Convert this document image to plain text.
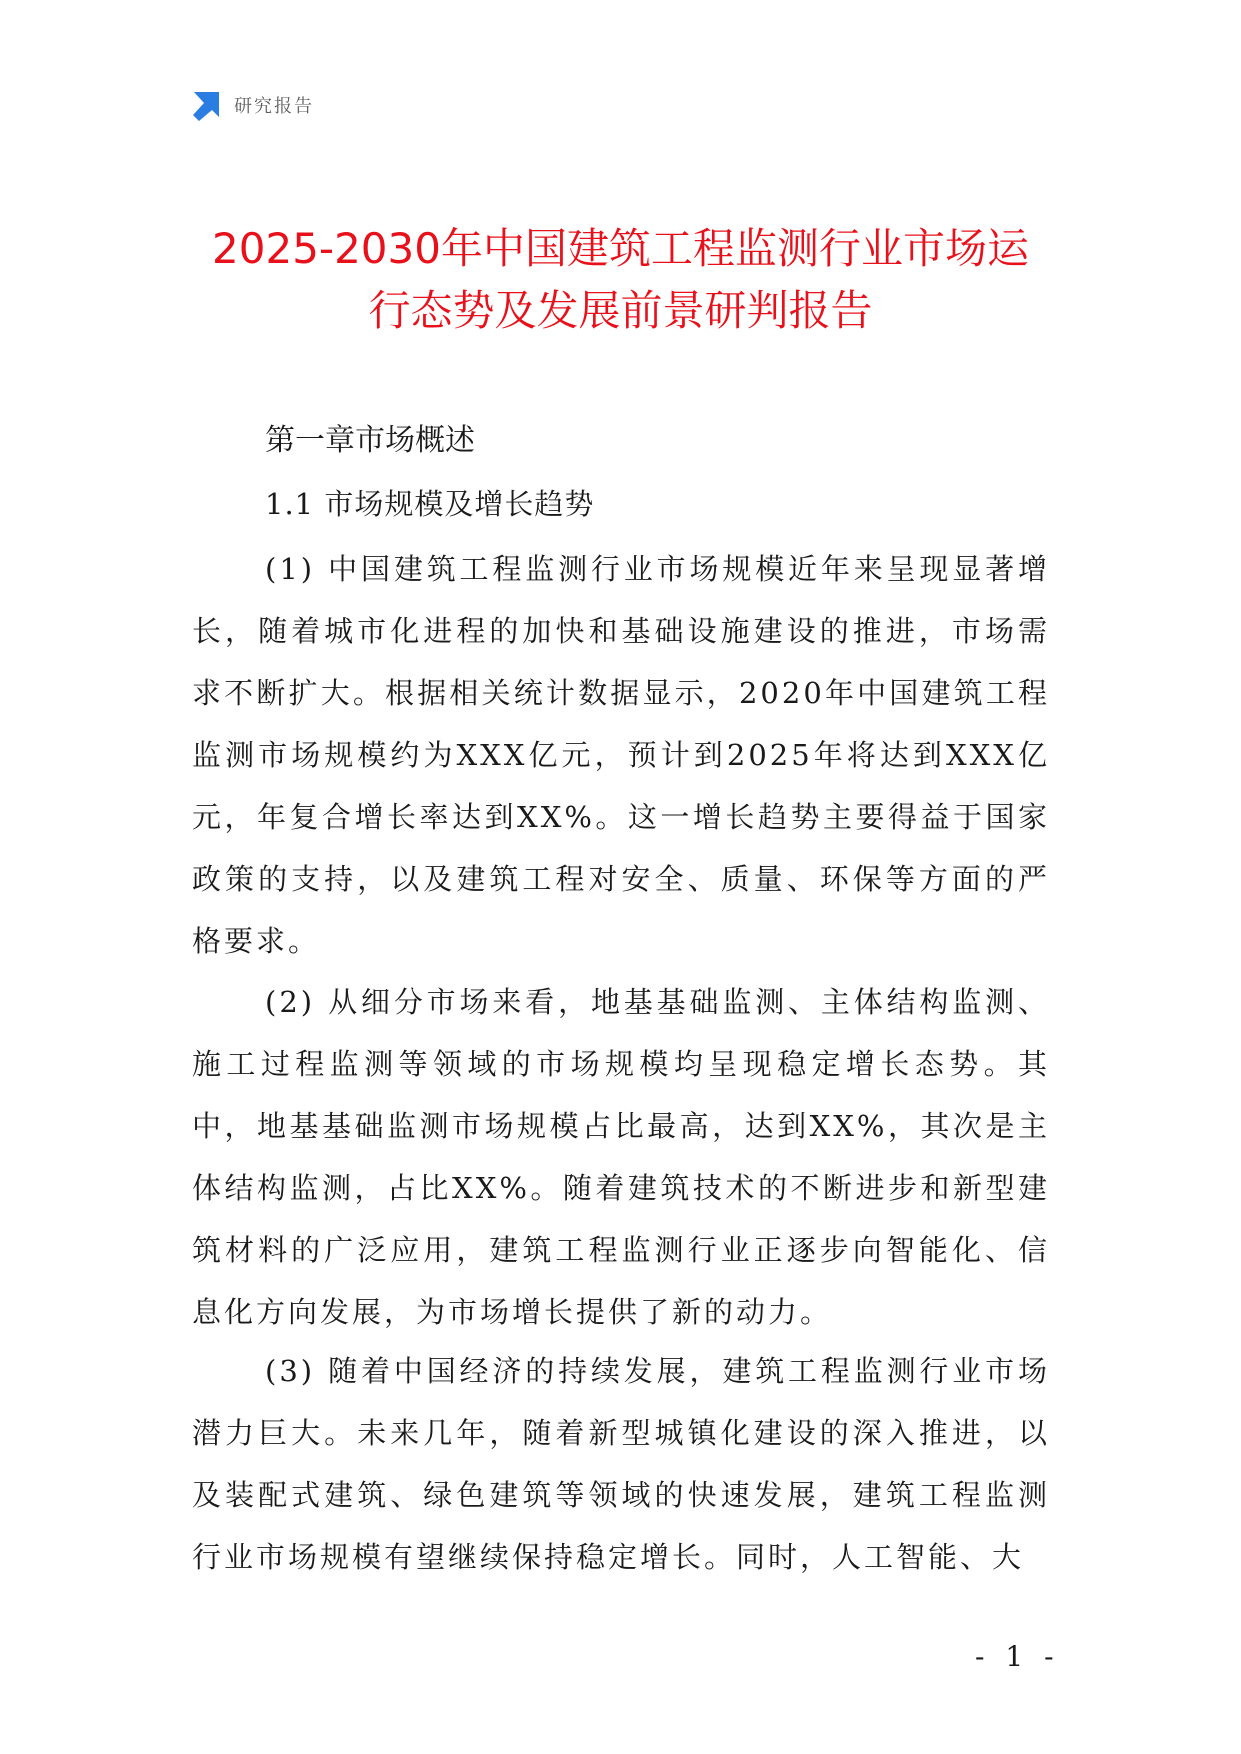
研究报告
2025-2030年中国建筑工程监测行业市场运
行态势及发展前景研判报告
第一章市场概述
1.1 市场规模及增长趋势

(1) 中国建筑工程监测行业市场规模近年来呈现显著增长，随着城市化进程的加快和基础设施建设的推进，市场需求不断扩大。根据相关统计数据显示，2020年中国建筑工程监测市场规模约为XXX亿元，预计到2025年将达到XXX亿元，年复合增长率达到XX%。这一增长趋势主要得益于国家政策的支持，以及建筑工程对安全、质量、环保等方面的严格要求。

(2) 从细分市场来看，地基基础监测、主体结构监测、施工过程监测等领域的市场规模均呈现稳定增长态势。其中，地基基础监测市场规模占比最高，达到XX%，其次是主体结构监测，占比XX%。随着建筑技术的不断进步和新型建筑材料的广泛应用，建筑工程监测行业正逐步向智能化、信息化方向发展，为市场增长提供了新的动力。

(3) 随着中国经济的持续发展，建筑工程监测行业市场潜力巨大。未来几年，随着新型城镇化建设的深入推进，以及装配式建筑、绿色建筑等领域的快速发展，建筑工程监测行业市场规模有望继续保持稳定增长。同时，人工智能、大

- 1 -
